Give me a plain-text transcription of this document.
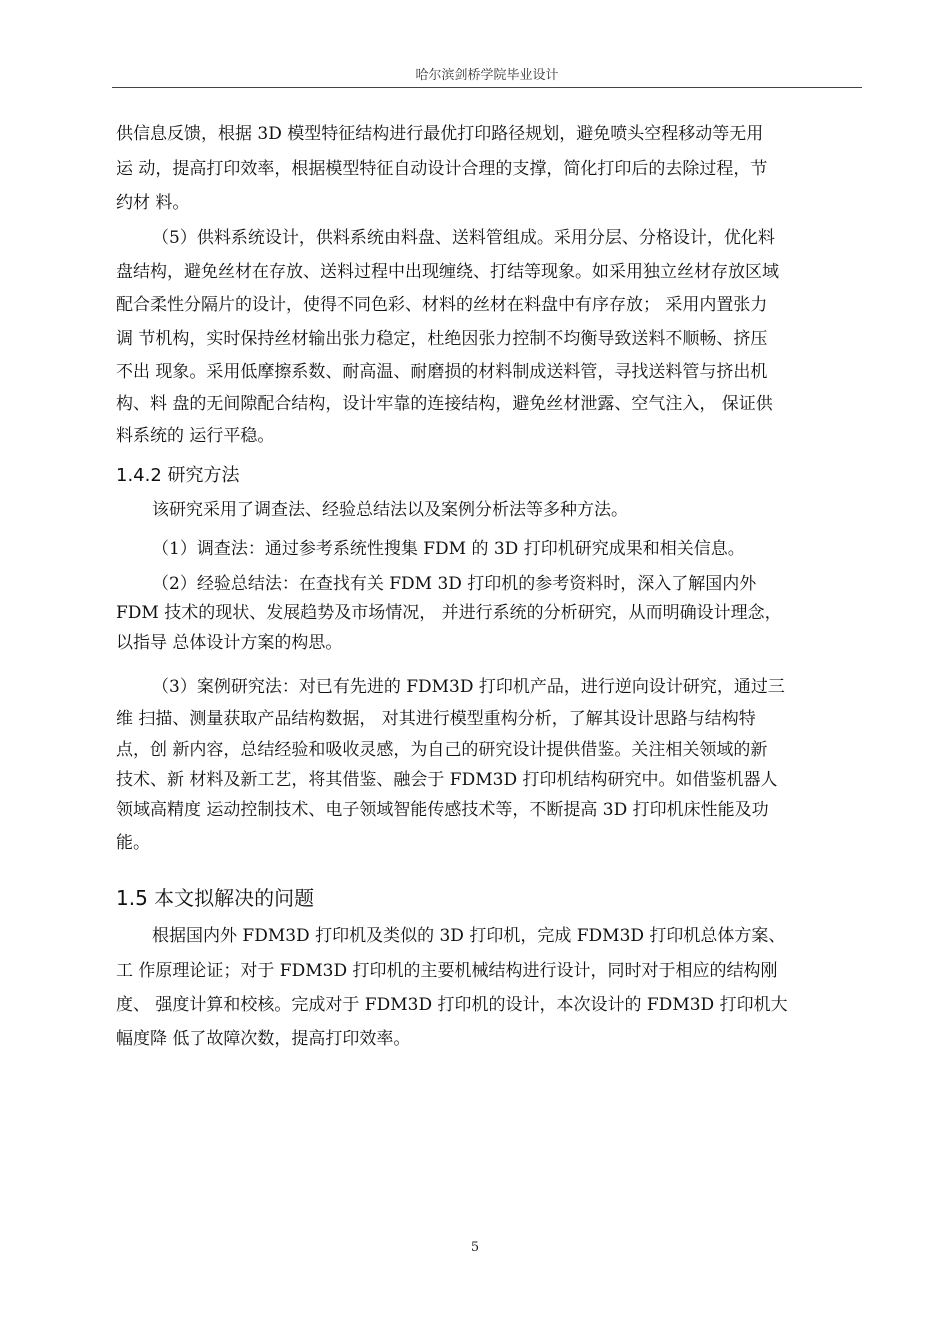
哈尔滨剑桥学院毕业设计
供信息反馈，根据 3D 模型特征结构进行最优打印路径规划，避免喷头空程移动等无用
运 动，提高打印效率，根据模型特征自动设计合理的支撑，简化打印后的去除过程，节
约材 料。
（5）供料系统设计，供料系统由料盘、送料管组成。采用分层、分格设计，优化料
盘结构，避免丝材在存放、送料过程中出现缠绕、打结等现象。如采用独立丝材存放区域
配合柔性分隔片的设计，使得不同色彩、材料的丝材在料盘中有序存放； 采用内置张力
调 节机构，实时保持丝材输出张力稳定，杜绝因张力控制不均衡导致送料不顺畅、挤压
不出 现象。采用低摩擦系数、耐高温、耐磨损的材料制成送料管，寻找送料管与挤出机
构、料 盘的无间隙配合结构，设计牢靠的连接结构，避免丝材泄露、空气注入， 保证供
料系统的 运行平稳。
1.4.2 研究方法
该研究采用了调查法、经验总结法以及案例分析法等多种方法。
（1）调查法：通过参考系统性搜集 FDM 的 3D 打印机研究成果和相关信息。
（2）经验总结法：在查找有关 FDM 3D 打印机的参考资料时，深入了解国内外
FDM 技术的现状、发展趋势及市场情况， 并进行系统的分析研究，从而明确设计理念，
以指导 总体设计方案的构思。
（3）案例研究法：对已有先进的 FDM3D 打印机产品，进行逆向设计研究，通过三
维 扫描、测量获取产品结构数据， 对其进行模型重构分析，了解其设计思路与结构特
点，创 新内容，总结经验和吸收灵感，为自己的研究设计提供借鉴。关注相关领域的新
技术、新 材料及新工艺，将其借鉴、融会于 FDM3D 打印机结构研究中。如借鉴机器人
领域高精度 运动控制技术、电子领域智能传感技术等，不断提高 3D 打印机床性能及功
能。
1.5 本文拟解决的问题
根据国内外 FDM3D 打印机及类似的 3D 打印机，完成 FDM3D 打印机总体方案、
工 作原理论证；对于 FDM3D 打印机的主要机械结构进行设计，同时对于相应的结构刚
度、 强度计算和校核。完成对于 FDM3D 打印机的设计，本次设计的 FDM3D 打印机大
幅度降 低了故障次数，提高打印效率。
5
